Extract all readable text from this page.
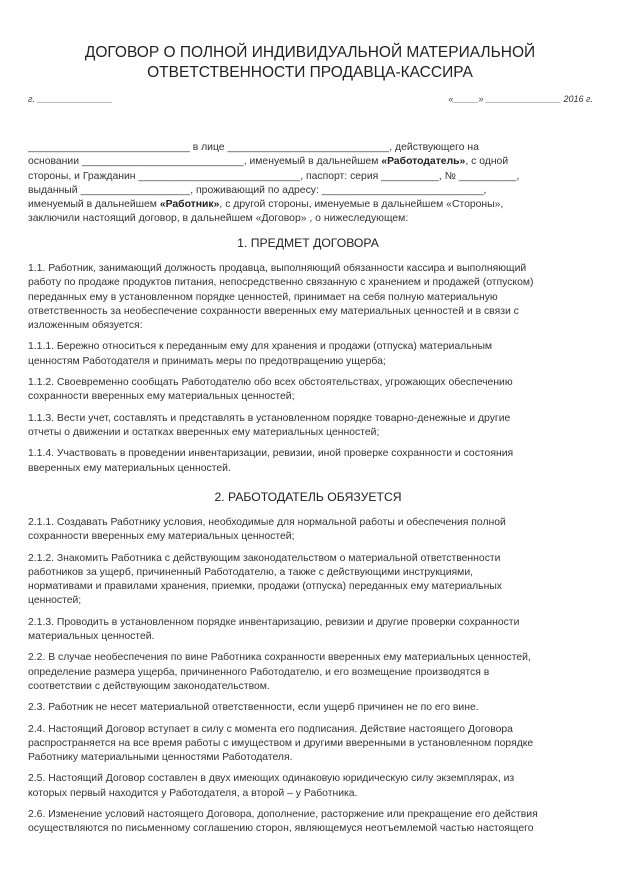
ДОГОВОР О ПОЛНОЙ ИНДИВИДУАЛЬНОЙ МАТЕРИАЛЬНОЙ
ОТВЕТСТВЕННОСТИ ПРОДАВЦА-КАССИРА
г. _______________	«_____» _______________ 2016 г.
____________________________ в лице ____________________________, действующего на
основании ____________________________, именуемый в дальнейшем «Работодатель», с одной
стороны, и Гражданин ____________________________, паспорт: серия __________, № __________,
выданный ___________________, проживающий по адресу: ____________________________,
именуемый в дальнейшем «Работник», с другой стороны, именуемые в дальнейшем «Стороны»,
заключили настоящий договор, в дальнейшем «Договор» , о нижеследующем:
1. ПРЕДМЕТ ДОГОВОРА
1.1. Работник, занимающий должность продавца, выполняющий обязанности кассира и выполняющий
работу по продаже продуктов питания, непосредственно связанную с хранением и продажей (отпуском)
переданных ему в установленном порядке ценностей, принимает на себя полную материальную
ответственность за необеспечение сохранности вверенных ему материальных ценностей и в связи с
изложенным обязуется:
1.1.1. Бережно относиться к переданным ему для хранения и продажи (отпуска) материальным
ценностям Работодателя и принимать меры по предотвращению ущерба;
1.1.2. Своевременно сообщать Работодателю обо всех обстоятельствах, угрожающих обеспечению
сохранности вверенных ему материальных ценностей;
1.1.3. Вести учет, составлять и представлять в установленном порядке товарно-денежные и другие
отчеты о движении и остатках вверенных ему материальных ценностей;
1.1.4. Участвовать в проведении инвентаризации, ревизии, иной проверке сохранности и состояния
вверенных ему материальных ценностей.
2. РАБОТОДАТЕЛЬ ОБЯЗУЕТСЯ
2.1.1. Создавать Работнику условия, необходимые для нормальной работы и обеспечения полной
сохранности вверенных ему материальных ценностей;
2.1.2. Знакомить Работника с действующим законодательством о материальной ответственности
работников за ущерб, причиненный Работодателю, а также с действующими инструкциями,
нормативами и правилами хранения, приемки, продажи (отпуска) переданных ему материальных
ценностей;
2.1.3. Проводить в установленном порядке инвентаризацию, ревизии и другие проверки сохранности
материальных ценностей.
2.2. В случае необеспечения по вине Работника сохранности вверенных ему материальных ценностей,
определение размера ущерба, причиненного Работодателю, и его возмещение производятся в
соответствии с действующим законодательством.
2.3. Работник не несет материальной ответственности, если ущерб причинен не по его вине.
2.4. Настоящий Договор вступает в силу с момента его подписания. Действие настоящего Договора
распространяется на все время работы с имуществом и другими вверенными в установленном порядке
Работнику материальными ценностями Работодателя.
2.5. Настоящий Договор составлен в двух имеющих одинаковую юридическую силу экземплярах, из
которых первый находится у Работодателя, а второй – у Работника.
2.6. Изменение условий настоящего Договора, дополнение, расторжение или прекращение его действия
осуществляются по письменному соглашению сторон, являющемуся неотъемлемой частью настоящего
